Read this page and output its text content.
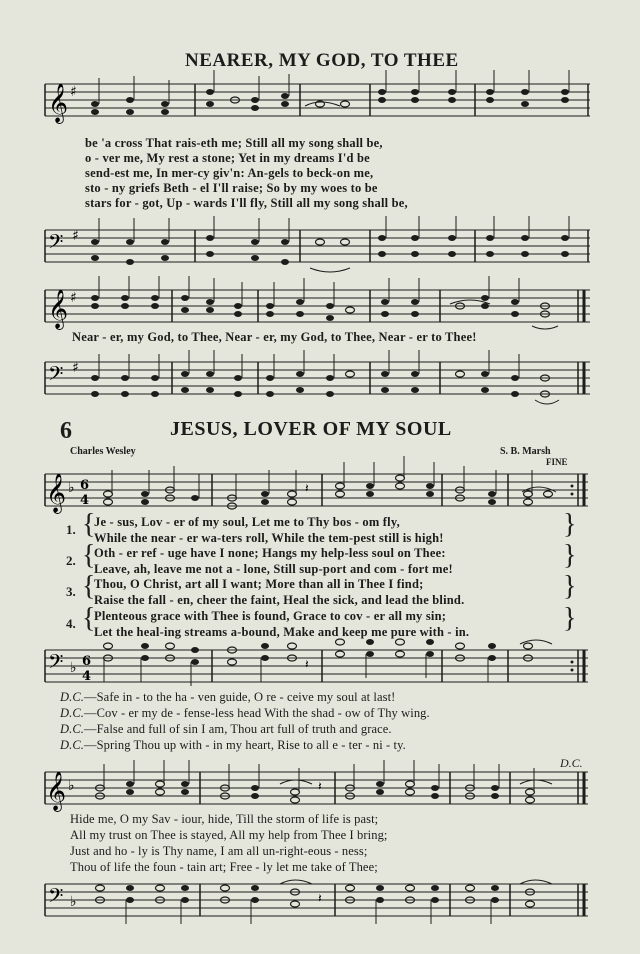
NEARER, MY GOD, TO THEE
𝄞 ♯
be 'a cross That rais-eth me; Still all my song shall be,
o - ver me, My rest a stone; Yet in my dreams I'd be
send-est me, In mer-cy giv'n: An-gels to beck-on me,
sto - ny griefs Beth - el I'll raise; So by my woes to be
stars for - got, Up - wards I'll fly, Still all my song shall be,
𝄢 ♯
𝄞 ♯
Near - er, my God, to Thee, Near - er, my God, to Thee, Near - er to Thee!
𝄢 ♯
6	JESUS, LOVER OF MY SOUL
Charles Wesley	S. B. Marsh
FINE
𝄞 ♭ 6
4
𝄽
1. {
Je - sus, Lov - er of my soul, Let me to Thy bos - om fly,
While the near - er wa-ters roll, While the tem-pest still is high!	}
2. {
Oth - er ref - uge have I none; Hangs my help-less soul on Thee:
Leave, ah, leave me not a - lone, Still sup-port and com - fort me!	}
3. {
Thou, O Christ, art all I want; More than all in Thee I find;
Raise the fall - en, cheer the faint, Heal the sick, and lead the blind.	}
4. {
Plenteous grace with Thee is found, Grace to cov - er all my sin;
Let the heal-ing streams a-bound, Make and keep me pure with - in.	}
𝄢 ♭ 6
4
𝄽
D.C.—Safe in - to the ha - ven guide, O re - ceive my soul at last!
D.C.—Cov - er my de - fense-less head With the shad - ow of Thy wing.
D.C.—False and full of sin I am, Thou art full of truth and grace.
D.C.—Spring Thou up with - in my heart, Rise to all e - ter - ni - ty.
D.C.
𝄞 ♭	𝄽
Hide me, O my Sav - iour, hide, Till the storm of life is past;
All my trust on Thee is stayed, All my help from Thee I bring;
Just and ho - ly is Thy name, I am all un-right-eous - ness;
Thou of life the foun - tain art; Free - ly let me take of Thee;
𝄢 ♭	𝄽
